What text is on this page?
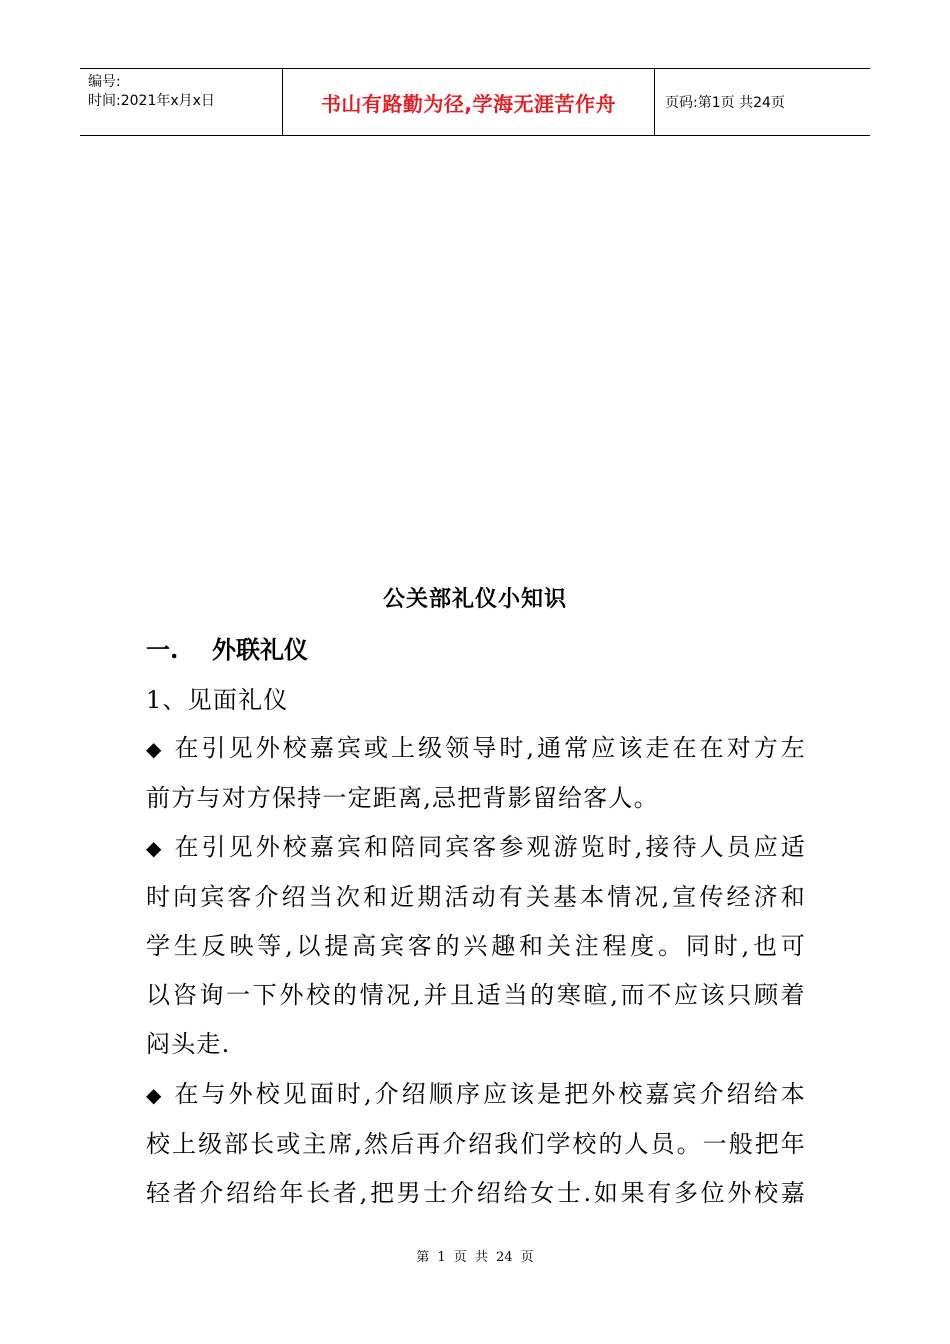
编号:
时间:2021年x月x日	书山有路勤为径,学海无涯苦作舟	页码:第1页 共24页
公关部礼仪小知识
一. 外联礼仪
1、见面礼仪
◆ 在引见外校嘉宾或上级领导时,通常应该走在在对方左
前方与对方保持一定距离,忌把背影留给客人。
◆ 在引见外校嘉宾和陪同宾客参观游览时,接待人员应适
时向宾客介绍当次和近期活动有关基本情况,宣传经济和
学生反映等,以提高宾客的兴趣和关注程度。同时,也可
以咨询一下外校的情况,并且适当的寒暄,而不应该只顾着
闷头走.
◆ 在与外校见面时,介绍顺序应该是把外校嘉宾介绍给本
校上级部长或主席,然后再介绍我们学校的人员。一般把年
轻者介绍给年长者,把男士介绍给女士.如果有多位外校嘉
第 1 页 共 24 页
